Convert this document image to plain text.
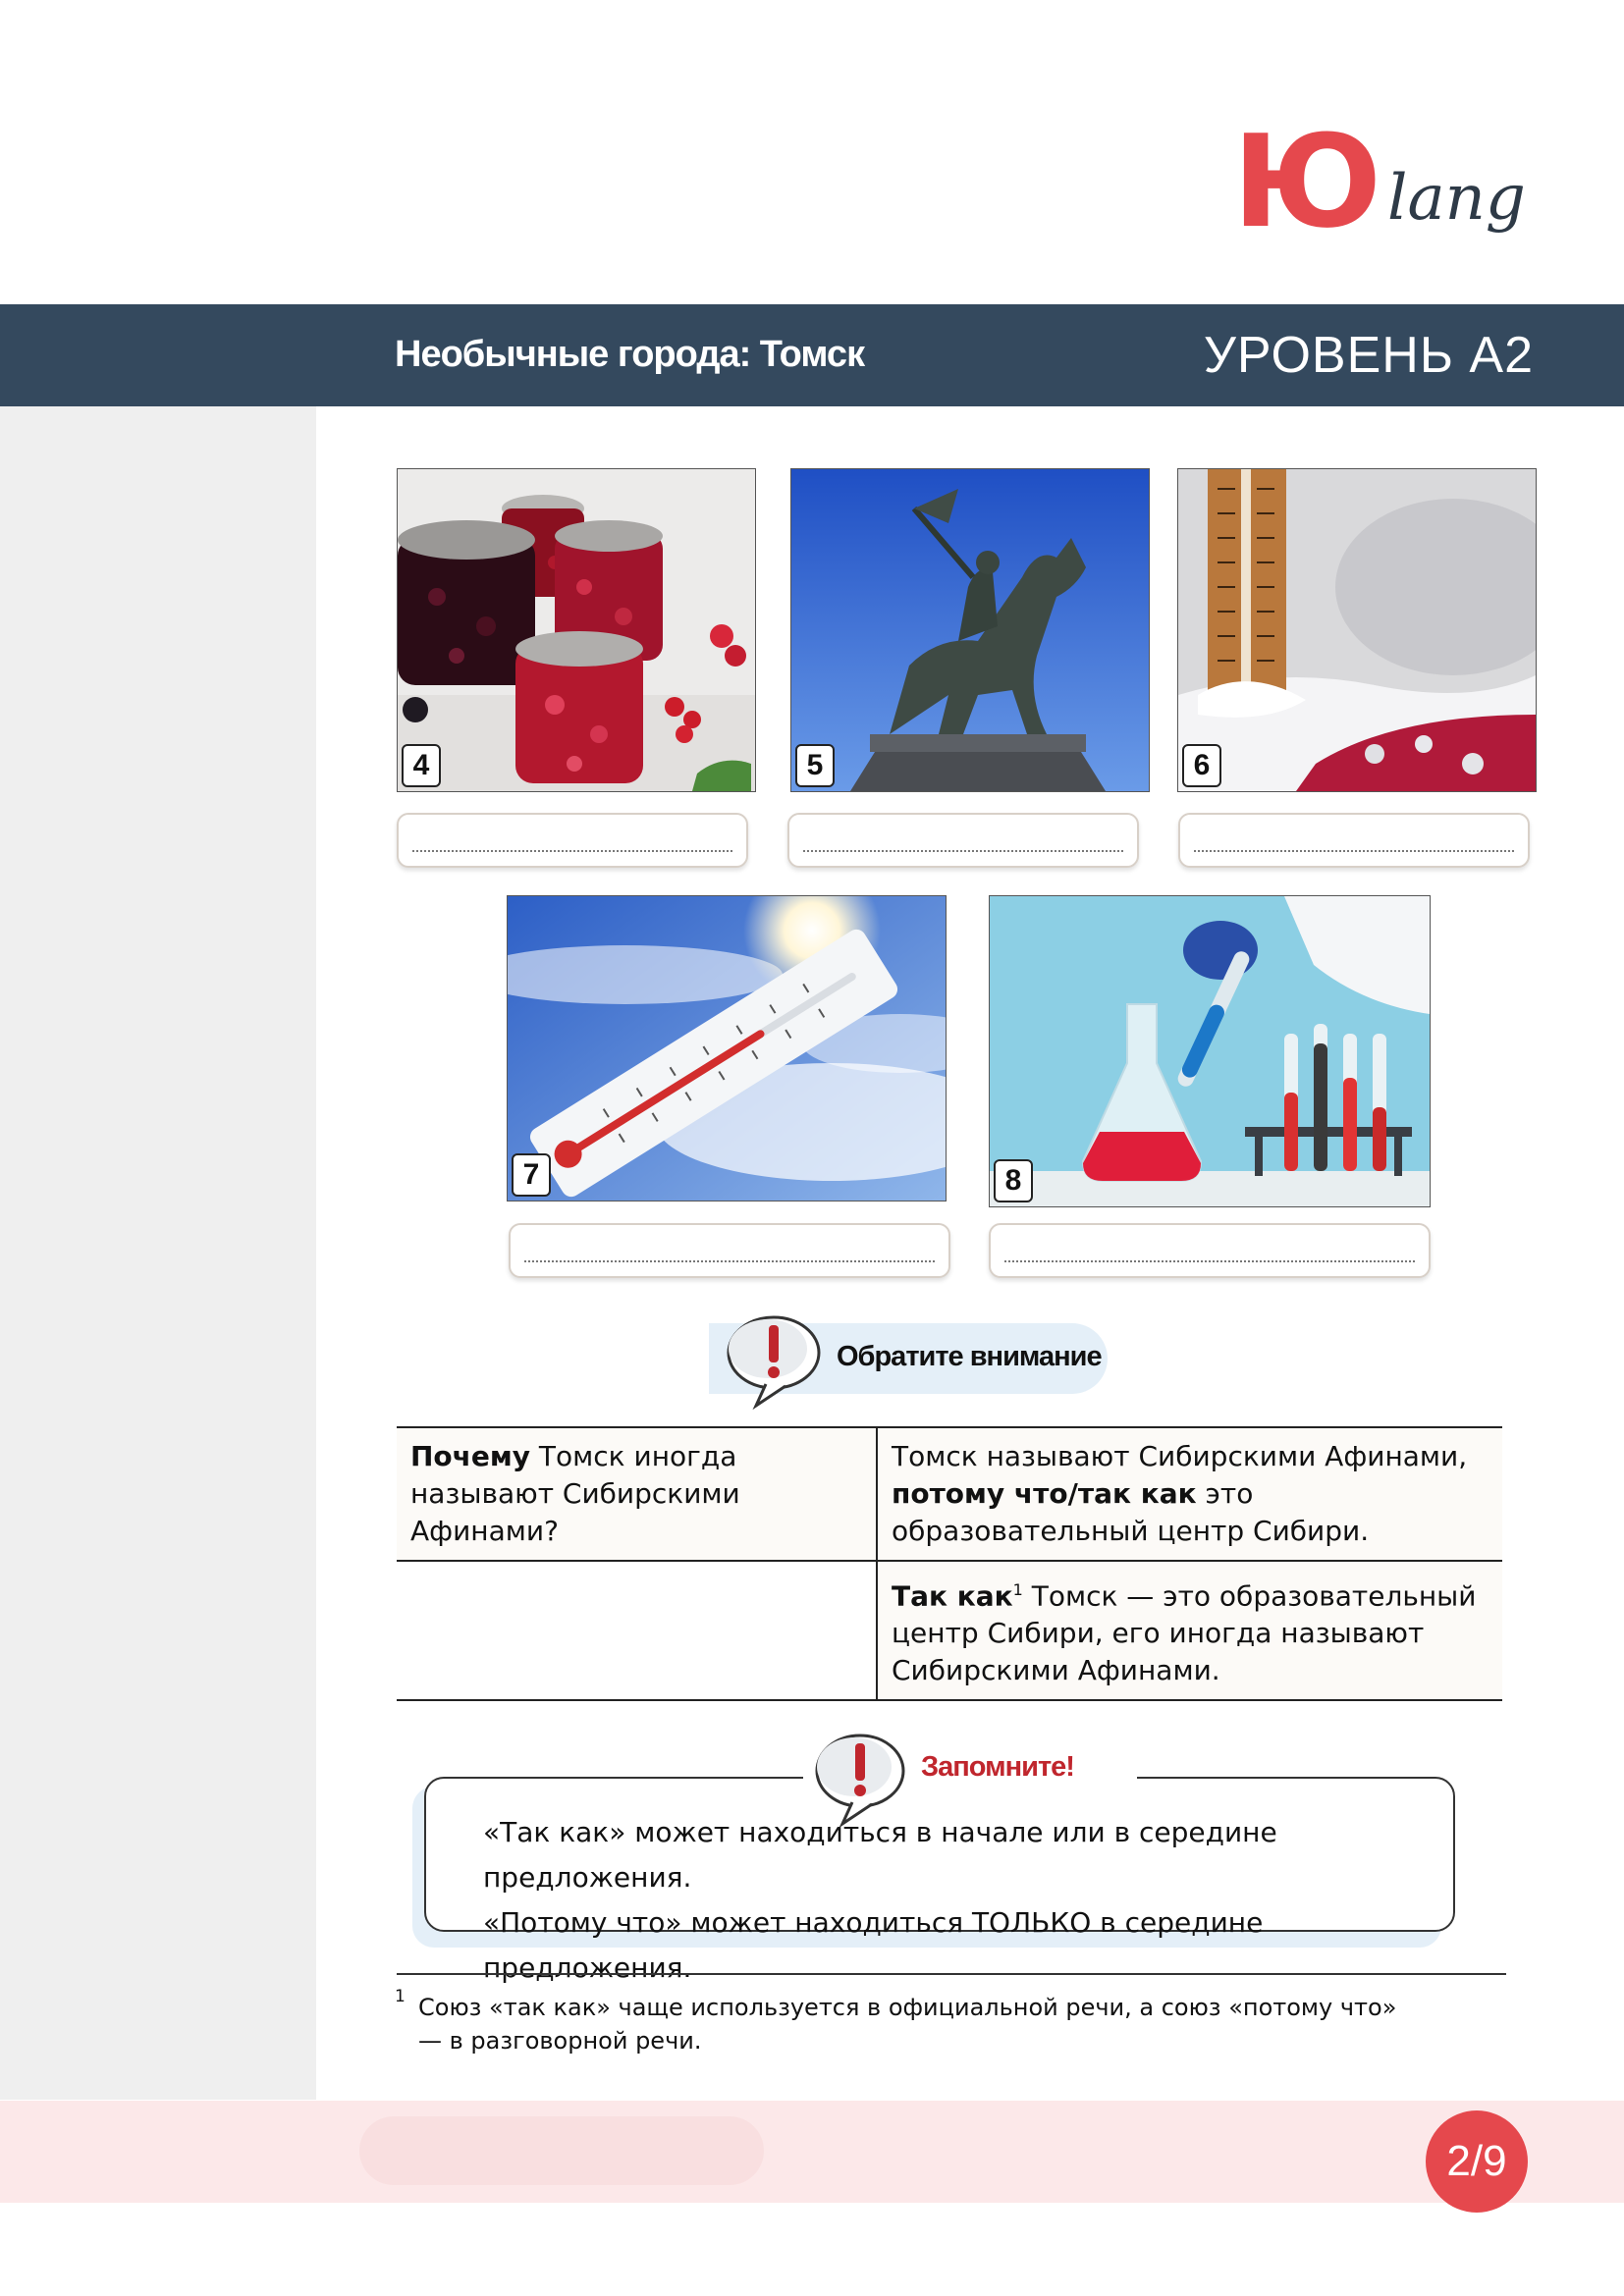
Ю lang
Необычные города: Томск	УРОВЕНЬ А2
4	5	6
7	8
Обратите внимание
Почему Томск иногда называют Сибирскими Афинами?	Томск называют Сибирскими Афинами, потому что/так как это образовательный центр Сибири.
	Так как$^1$ Томск — это образовательный центр Сибири, его иногда называют Сибирскими Афинами.
«Так как» может находиться в начале или в середине предложения.
«Потому что» может находиться ТОЛЬКО в середине предложения.
Запомните!
1 Союз «так как» чаще используется в официальной речи, а союз «потому что» — в разговорной речи.
2/9
